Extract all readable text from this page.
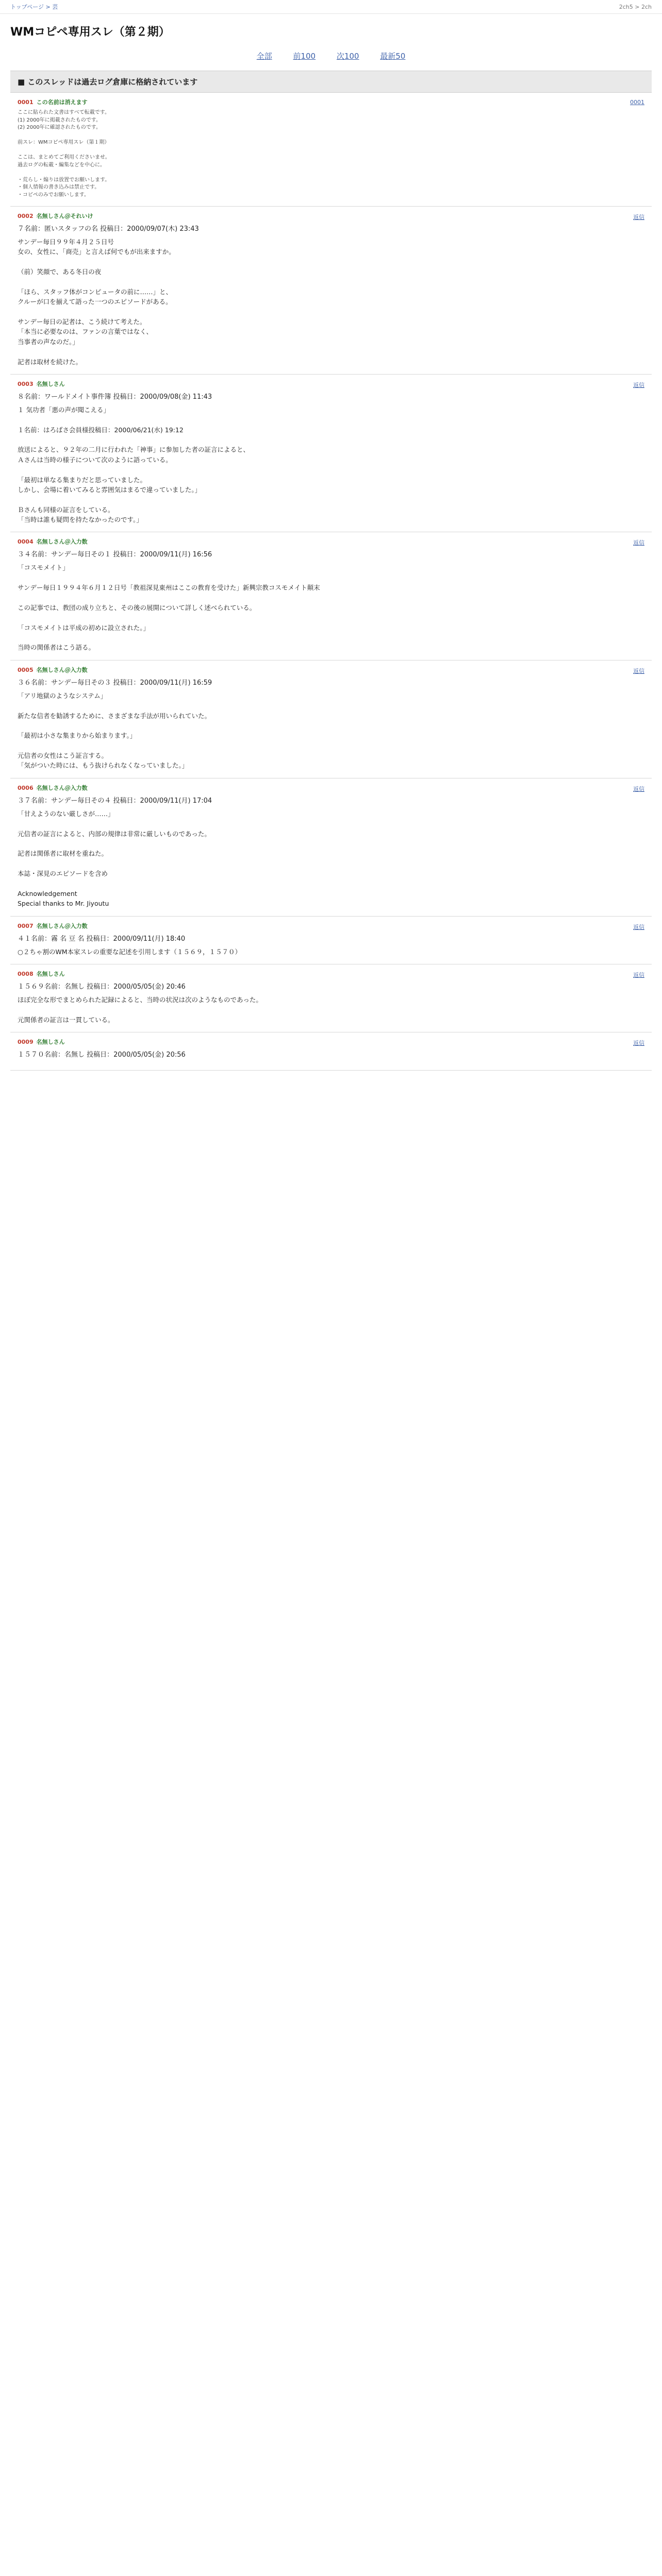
トップページ > 芸	2ch5 > 2ch
WMコピペ専用スレ（第２期）
全部	前100	次100	最新50
■ このスレッドは過去ログ倉庫に格納されています
0001 この名前は消えます	0001
ここに貼られた文書はすべて転載です。
(1) 2000年に掲載されたものです。
(2) 2000年に確認されたものです。

前スレ：WMコピペ専用スレ（第１期）

ここは、まとめてご利用くださいませ。
過去ログの転載・編集などを中心に。

・荒らし・煽りは放置でお願いします。
・個人情報の書き込みは禁止です。
・コピペのみでお願いします。
0002 名無しさん＠それいけ	返信
７名前：匿いスタッフの名 投稿日：2000/09/07(木) 23:43
サンデー毎日９９年４月２５日号
女の、女性に、「商売」と言えば何でもが出来ますか。

（前）笑顔で、ある冬日の夜

「ほら、スタッフ体がコンピュータの前に……」と、
クルーが口を揃えて語った一つのエピソードがある。

サンデー毎日の記者は、こう続けて考えた。
「本当に必要なのは、ファンの言葉ではなく、
当事者の声なのだ。」

記者は取材を続けた。
0003 名無しさん	返信
８名前：ワールドメイト事件簿 投稿日：2000/09/08(金) 11:43
１ 気功者「悪の声が聞こえる」

１名前：はろばさ会員様投稿日：2000/06/21(水) 19:12

放送によると、９２年の二月に行われた「神事」に参加した者の証言によると、
Ａさんは当時の様子について次のように語っている。

「最初は単なる集まりだと思っていました。
しかし、会場に着いてみると雰囲気はまるで違っていました。」

Ｂさんも同様の証言をしている。
「当時は誰も疑問を持たなかったのです。」
0004 名無しさん＠入力数	返信
３４名前：サンデー毎日その１ 投稿日：2000/09/11(月) 16:56
「コスモメイト」

サンデー毎日１９９４年６月１２日号「教祖深見東州はここの教育を受けた」新興宗教コスモメイト顛末

この記事では、教団の成り立ちと、その後の展開について詳しく述べられている。

「コスモメイトは平成の初めに設立された。」

当時の関係者はこう語る。
0005 名無しさん＠入力数	返信
３６名前：サンデー毎日その３ 投稿日：2000/09/11(月) 16:59
「アリ地獄のようなシステム」

新たな信者を勧誘するために、さまざまな手法が用いられていた。

「最初は小さな集まりから始まります。」

元信者の女性はこう証言する。
「気がついた時には、もう抜けられなくなっていました。」
0006 名無しさん＠入力数	返信
３７名前：サンデー毎日その４ 投稿日：2000/09/11(月) 17:04
「甘えようのない厳しさが……」

元信者の証言によると、内部の規律は非常に厳しいものであった。

記者は関係者に取材を重ねた。

本誌・深見のエピソードを含め

Acknowledgement
Special thanks to Mr. Jiyoutu
0007 名無しさん＠入力数	返信
４１名前：霧 名 豆 名 投稿日：2000/09/11(月) 18:40
○２ちゃ割のWM本家スレの重要な記述を引用します（１５６９，１５７０）
0008 名無しさん	返信
１５６９名前：名無し 投稿日：2000/05/05(金) 20:46
ほぼ完全な形でまとめられた記録によると、当時の状況は次のようなものであった。

元関係者の証言は一貫している。
0009 名無しさん	返信
１５７０名前：名無し 投稿日：2000/05/05(金) 20:56
